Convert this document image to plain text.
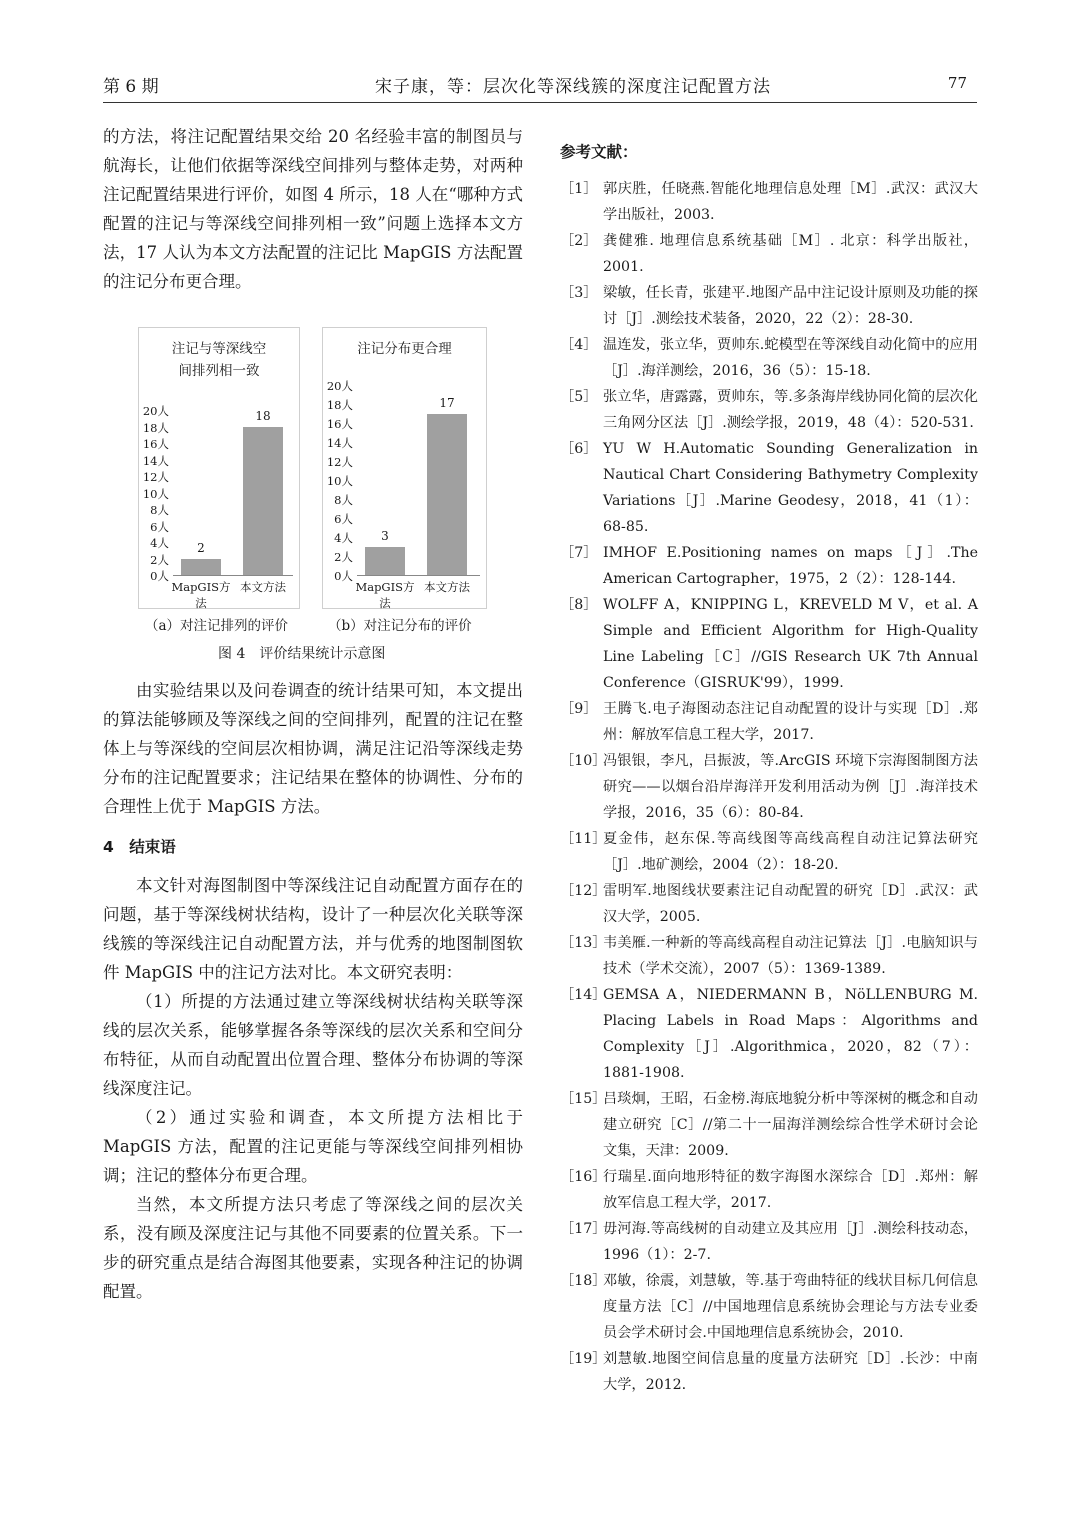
第 6 期	宋子康，等：层次化等深线簇的深度注记配置方法	77

的方法，将注记配置结果交给 20 名经验丰富的制图员与航海长，让他们依据等深线空间排列与整体走势，对两种注记配置结果进行评价，如图 4 所示，18 人在“哪种方式配置的注记与等深线空间排列相一致”问题上选择本文方法，17 人认为本文方法配置的注记比 MapGIS 方法配置的注记分布更合理。

注记与等深线空
间排列相一致
0人
2人
4人
6人
8人
10人
12人
14人
16人
18人
20人
2
MapGIS方法
18
本文方法
注记分布更合理
0人
2人
4人
6人
8人
10人
12人
14人
16人
18人
20人
3
MapGIS方法
17
本文方法
（a）对注记排列的评价	（b）对注记分布的评价
图 4　评价结果统计示意图

由实验结果以及问卷调查的统计结果可知，本文提出的算法能够顾及等深线之间的空间排列，配置的注记在整体上与等深线的空间层次相协调，满足注记沿等深线走势分布的注记配置要求；注记结果在整体的协调性、分布的合理性上优于 MapGIS 方法。

4　结束语

本文针对海图制图中等深线注记自动配置方面存在的问题，基于等深线树状结构，设计了一种层次化关联等深线簇的等深线注记自动配置方法，并与优秀的地图制图软件 MapGIS 中的注记方法对比。本文研究表明：

（1）所提的方法通过建立等深线树状结构关联等深线的层次关系，能够掌握各条等深线的层次关系和空间分布特征，从而自动配置出位置合理、整体分布协调的等深线深度注记。

（2）通过实验和调查，本文所提方法相比于 MapGIS 方法，配置的注记更能与等深线空间排列相协调；注记的整体分布更合理。

当然，本文所提方法只考虑了等深线之间的层次关系，没有顾及深度注记与其他不同要素的位置关系。下一步的研究重点是结合海图其他要素，实现各种注记的协调配置。

参考文献：
［1］ 郭庆胜，任晓燕.智能化地理信息处理［M］.武汉：武汉大学出版社，2003.
［2］ 龚健雅. 地理信息系统基础［M］. 北京：科学出版社，2001.
［3］ 梁敏，任长青，张建平.地图产品中注记设计原则及功能的探讨［J］.测绘技术装备，2020，22（2）：28-30.
［4］ 温连发，张立华，贾帅东.蛇模型在等深线自动化简中的应用［J］.海洋测绘，2016，36（5）：15-18.
［5］ 张立华，唐露露，贾帅东，等.多条海岸线协同化简的层次化三角网分区法［J］.测绘学报，2019，48（4）：520-531.
［6］ YU W H.Automatic Sounding Generalization in Nautical Chart Considering Bathymetry Complexity Variations［J］.Marine Geodesy，2018，41（1）：68-85.
［7］ IMHOF E.Positioning names on maps［J］.The American Cartographer，1975，2（2）：128-144.
［8］ WOLFF A，KNIPPING L，KREVELD M V，et al. A Simple and Efficient Algorithm for High-Quality Line Labeling［C］//GIS Research UK 7th Annual Conference（GISRUK'99），1999.
［9］ 王腾飞.电子海图动态注记自动配置的设计与实现［D］.郑州：解放军信息工程大学，2017.
［10］
冯银银，李凡，吕振波，等.ArcGIS 环境下宗海图制图方法研究——以烟台沿岸海洋开发利用活动为例［J］.海洋技术学报，2016，35（6）：80-84.
［11］
夏金伟，赵东保.等高线图等高线高程自动注记算法研究［J］.地矿测绘，2004（2）：18-20.
［12］
雷明军.地图线状要素注记自动配置的研究［D］.武汉：武汉大学，2005.
［13］
韦美雁.一种新的等高线高程自动注记算法［J］.电脑知识与技术（学术交流），2007（5）：1369-1389.
［14］
GEMSA A，NIEDERMANN B，NöLLENBURG M. Placing Labels in Road Maps：Algorithms and Complexity［J］.Algorithmica，2020，82（7）：1881-1908.
［15］
吕琰炯，王昭，石金榜.海底地貌分析中等深树的概念和自动建立研究［C］//第二十一届海洋测绘综合性学术研讨会论文集，天津：2009.
［16］
行瑞星.面向地形特征的数字海图水深综合［D］.郑州：解放军信息工程大学，2017.
［17］
毋河海.等高线树的自动建立及其应用［J］.测绘科技动态，1996（1）：2-7.
［18］
邓敏，徐震，刘慧敏，等.基于弯曲特征的线状目标几何信息度量方法［C］//中国地理信息系统协会理论与方法专业委员会学术研讨会.中国地理信息系统协会，2010.
［19］
刘慧敏.地图空间信息量的度量方法研究［D］.长沙：中南大学，2012.
